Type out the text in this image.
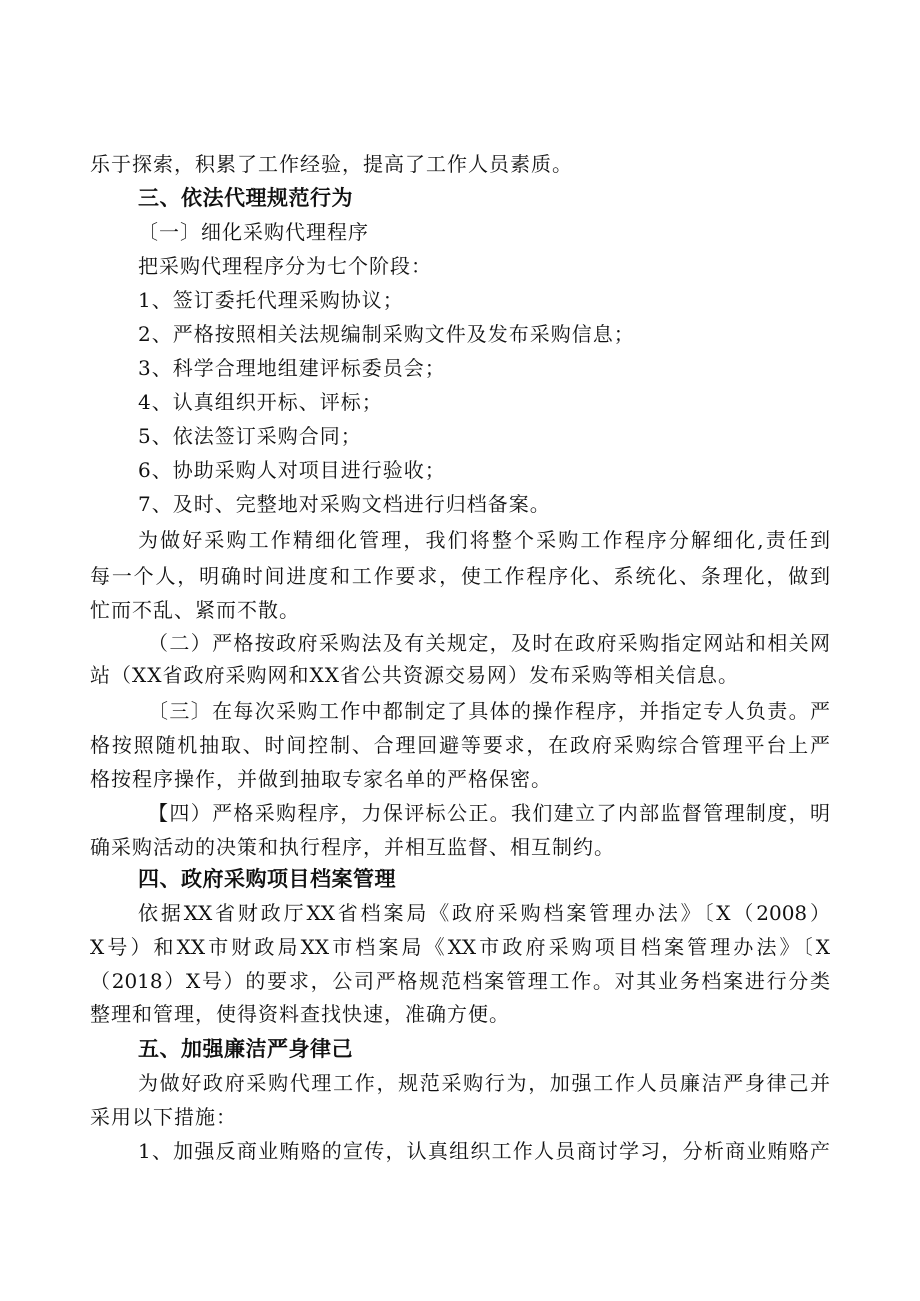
乐于探索，积累了工作经验，提高了工作人员素质。

三、依法代理规范行为

〔一〕细化采购代理程序

把采购代理程序分为七个阶段：

1、签订委托代理采购协议；

2、严格按照相关法规编制采购文件及发布采购信息；

3、科学合理地组建评标委员会；

4、认真组织开标、评标；

5、依法签订采购合同；

6、协助采购人对项目进行验收；

7、及时、完整地对采购文档进行归档备案。

为做好采购工作精细化管理，我们将整个采购工作程序分解细化,责任到

每一个人，明确时间进度和工作要求，使工作程序化、系统化、条理化，做到

忙而不乱、紧而不散。

（二）严格按政府采购法及有关规定，及时在政府采购指定网站和相关网

站（XX省政府采购网和XX省公共资源交易网）发布采购等相关信息。

〔三〕在每次采购工作中都制定了具体的操作程序，并指定专人负责。严

格按照随机抽取、时间控制、合理回避等要求，在政府采购综合管理平台上严

格按程序操作，并做到抽取专家名单的严格保密。

【四）严格采购程序，力保评标公正。我们建立了内部监督管理制度，明

确采购活动的决策和执行程序，并相互监督、相互制约。

四、政府采购项目档案管理

依据XX省财政厅XX省档案局《政府采购档案管理办法》〔X（2008）

X号）和XX市财政局XX市档案局《XX市政府采购项目档案管理办法》〔X

（2018）X号）的要求，公司严格规范档案管理工作。对其业务档案进行分类

整理和管理，使得资料查找快速，准确方便。

五、加强廉洁严身律己

为做好政府采购代理工作，规范采购行为，加强工作人员廉洁严身律己并

采用以下措施：

1、加强反商业贿赂的宣传，认真组织工作人员商讨学习，分析商业贿赂产
